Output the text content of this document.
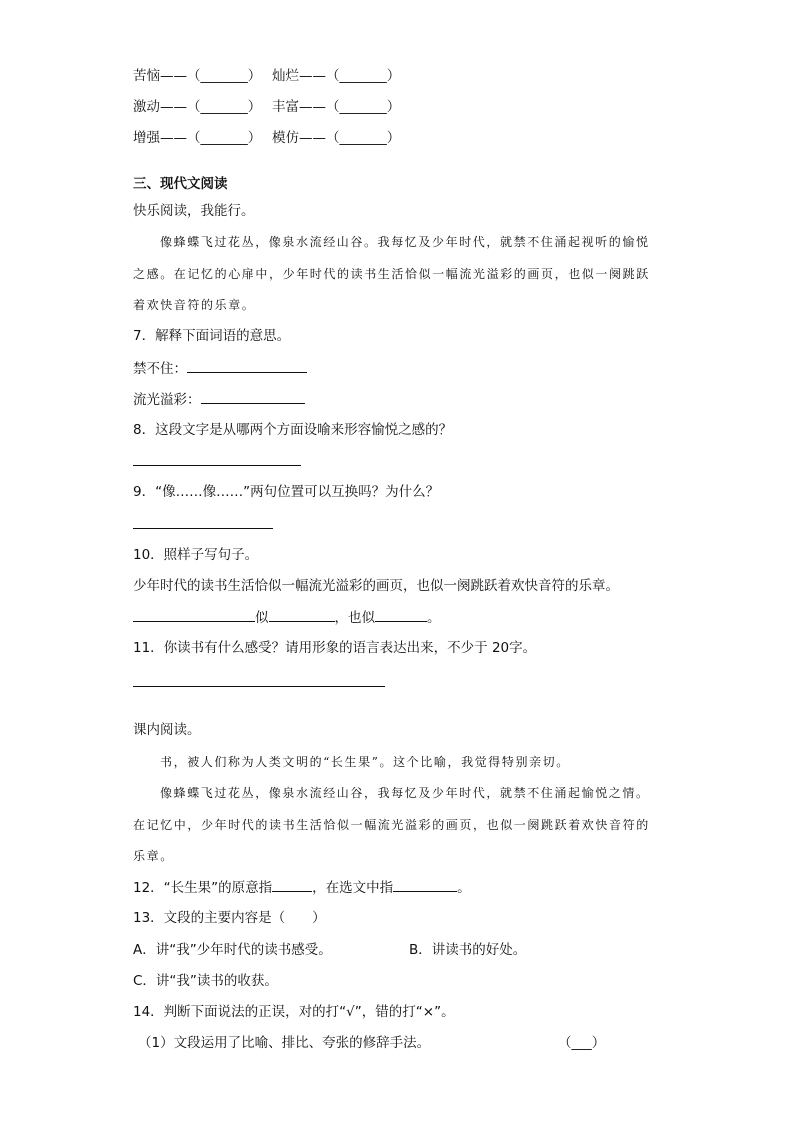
苦恼——（_______） 灿烂——（_______）
激动——（_______） 丰富——（_______）
增强——（_______） 模仿——（_______）
三、现代文阅读
快乐阅读，我能行。
像蜂蝶飞过花丛，像泉水流经山谷。我每忆及少年时代，就禁不住涌起视听的愉悦
之感。在记忆的心扉中，少年时代的读书生活恰似一幅流光溢彩的画页，也似一阕跳跃
着欢快音符的乐章。
7．解释下面词语的意思。
禁不住：
流光溢彩：
8．这段文字是从哪两个方面设喻来形容愉悦之感的？
9．“像……像……”两句位置可以互换吗？为什么？
10．照样子写句子。
少年时代的读书生活恰似一幅流光溢彩的画页，也似一阕跳跃着欢快音符的乐章。
似	，也似	。
11．你读书有什么感受？请用形象的语言表达出来，不少于 20字。
课内阅读。
书，被人们称为人类文明的“长生果”。这个比喻，我觉得特别亲切。
像蜂蝶飞过花丛，像泉水流经山谷，我每忆及少年时代，就禁不住涌起愉悦之情。
在记忆中，少年时代的读书生活恰似一幅流光溢彩的画页，也似一阕跳跃着欢快音符的
乐章。
12．“长生果”的原意指	，在选文中指	。
13．文段的主要内容是（　　）
A．讲“我”少年时代的读书感受。	B．讲读书的好处。
C．讲“我”读书的收获。
14．判断下面说法的正误，对的打“√”，错的打“×”。
（1）文段运用了比喻、排比、夸张的修辞手法。	（___）
